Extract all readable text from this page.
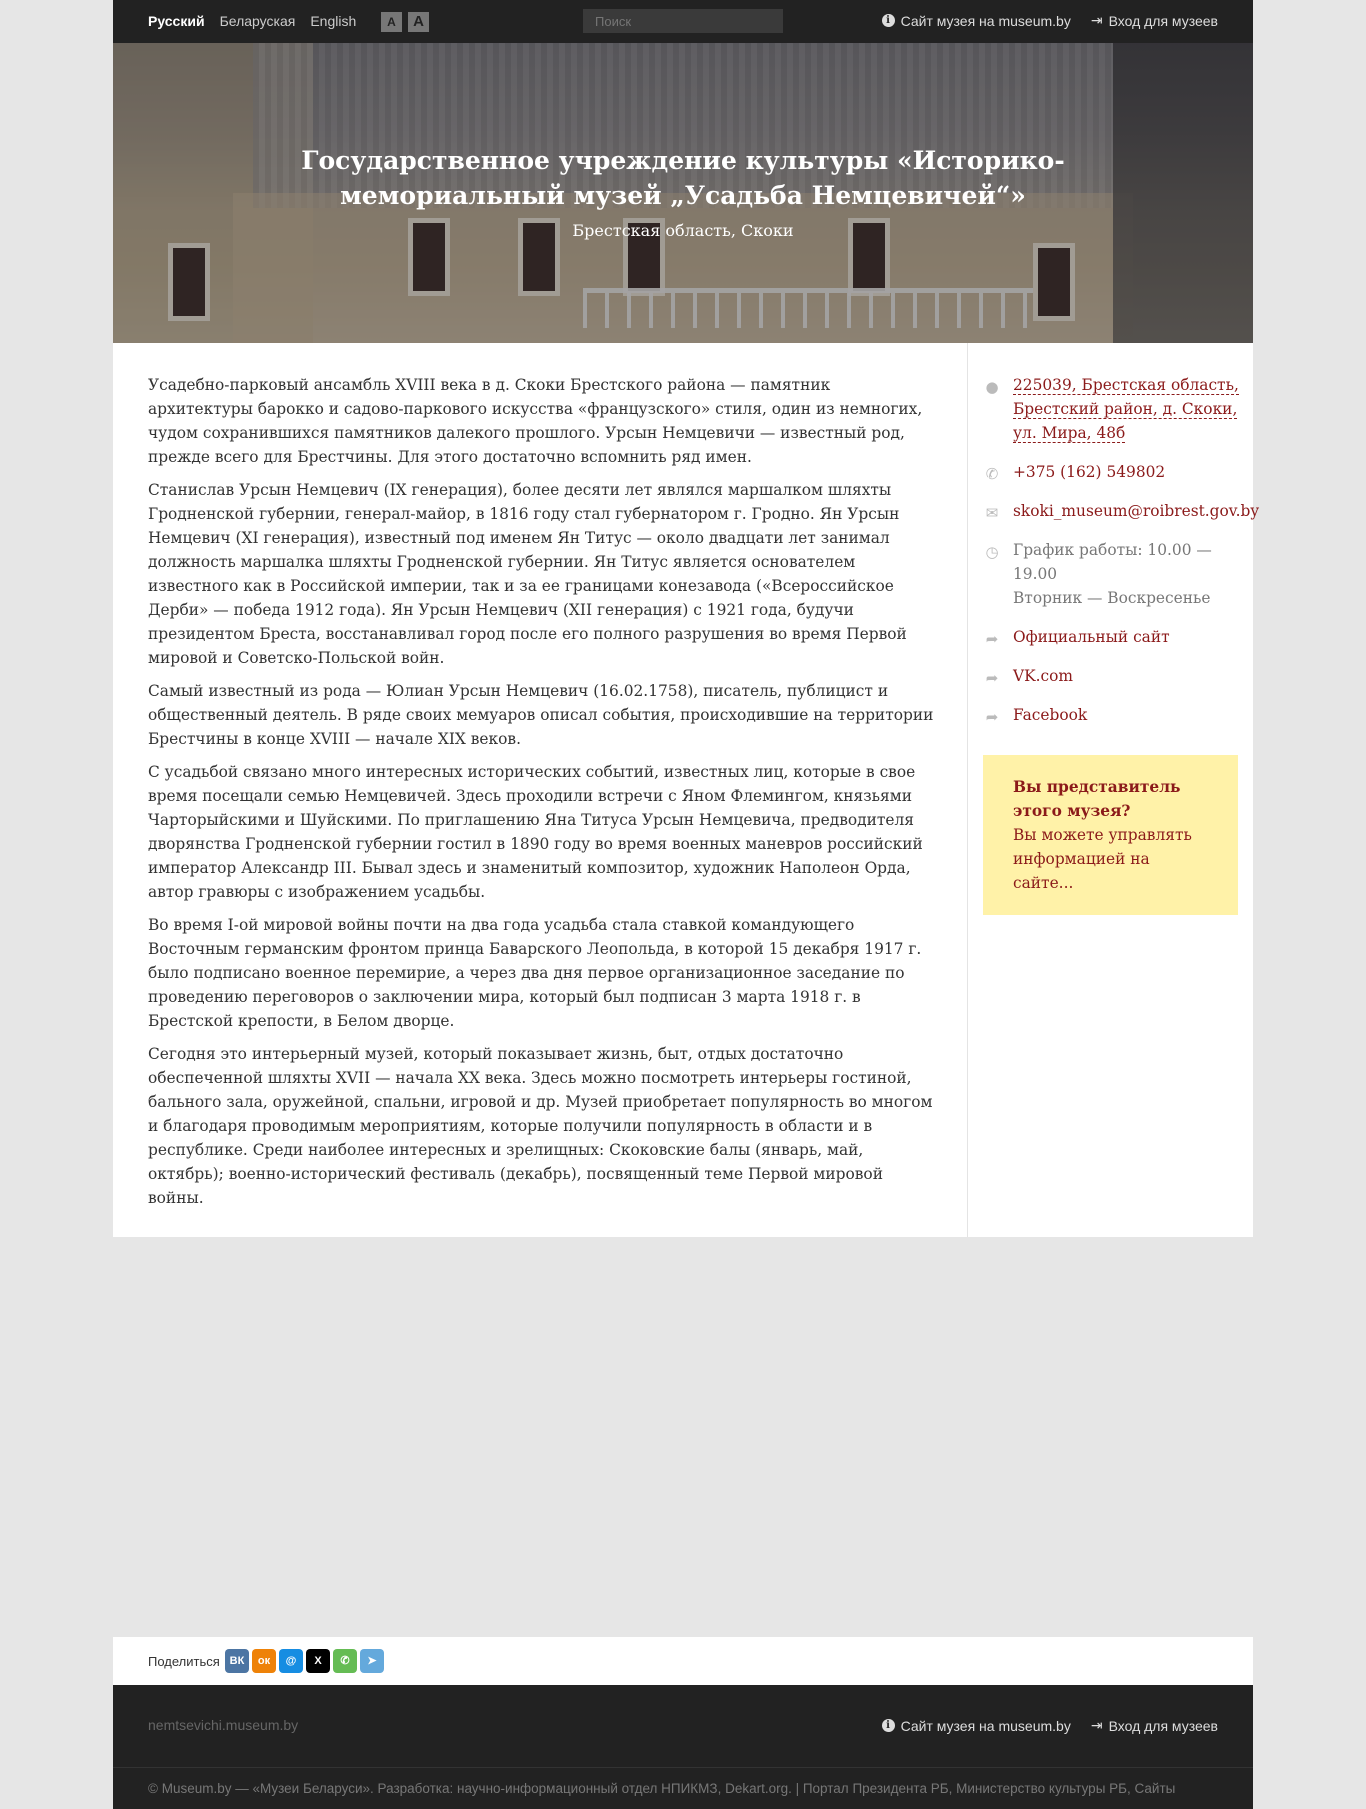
Русский Беларуская English	A	A
Поиск	i Сайт музея на museum.by ⇥ Вход для музеев
Государственное учреждение культуры «Историко-мемориальный музей „Усадьба Немцевичей“»
Брестская область, Скоки

Усадебно-парковый ансамбль XVIII века в д. Скоки Брестского района — памятник архитектуры барокко и садово-паркового искусства «французского» стиля, один из немногих, чудом сохранившихся памятников далекого прошлого. Урсын Немцевичи — известный род, прежде всего для Брестчины. Для этого достаточно вспомнить ряд имен.

Станислав Урсын Немцевич (IX генерация), более десяти лет являлся маршалком шляхты Гродненской губернии, генерал-майор, в 1816 году стал губернатором г. Гродно. Ян Урсын Немцевич (XI генерация), известный под именем Ян Титус — около двадцати лет занимал должность маршалка шляхты Гродненской губернии. Ян Титус является основателем известного как в Российской империи, так и за ее границами конезавода («Всероссийское Дерби» — победа 1912 года). Ян Урсын Немцевич (XII генерация) с 1921 года, будучи президентом Бреста, восстанавливал город после его полного разрушения во время Первой мировой и Советско-Польской войн.

Самый известный из рода — Юлиан Урсын Немцевич (16.02.1758), писатель, публицист и общественный деятель. В ряде своих мемуаров описал события, происходившие на территории Брестчины в конце XVIII — начале XIX веков.

С усадьбой связано много интересных исторических событий, известных лиц, которые в свое время посещали семью Немцевичей. Здесь проходили встречи с Яном Флемингом, князьями Чарторыйскими и Шуйскими. По приглашению Яна Титуса Урсын Немцевича, предводителя дворянства Гродненской губернии гостил в 1890 году во время военных маневров российский император Александр III. Бывал здесь и знаменитый композитор, художник Наполеон Орда, автор гравюры с изображением усадьбы.

Во время I-ой мировой войны почти на два года усадьба стала ставкой командующего Восточным германским фронтом принца Баварского Леопольда, в которой 15 декабря 1917 г. было подписано военное перемирие, а через два дня первое организационное заседание по проведению переговоров о заключении мира, который был подписан 3 марта 1918 г. в Брестской крепости, в Белом дворце.

Сегодня это интерьерный музей, который показывает жизнь, быт, отдых достаточно обеспеченной шляхты XVII — начала XX века. Здесь можно посмотреть интерьеры гостиной, бального зала, оружейной, спальни, игровой и др. Музей приобретает популярность во многом и благодаря проводимым мероприятиям, которые получили популярность в области и в республике. Среди наиболее интересных и зрелищных: Скоковские балы (январь, май, октябрь); военно-исторический фестиваль (декабрь), посвященный теме Первой мировой войны.

● 225039, Брестская область, Брестский район, д. Скоки, ул. Мира, 48б
✆ +375 (162) 549802
✉ skoki_museum@roibrest.gov.by
◷ График работы: 10.00 — 19.00
Вторник — Воскресенье
➦ Официальный сайт
➦ VK.com
➦ Facebook
Вы представитель этого музея?
Вы можете управлять информацией на сайте...
Поделиться ВК	ок	@	X	✆	➤
nemtsevichi.museum.by	i Сайт музея на museum.by ⇥ Вход для музеев
© Museum.by — «Музеи Беларуси». Разработка: научно-информационный отдел НПИКМЗ, Dekart.org. | Портал Президента РБ, Министерство культуры РБ, Сайты
